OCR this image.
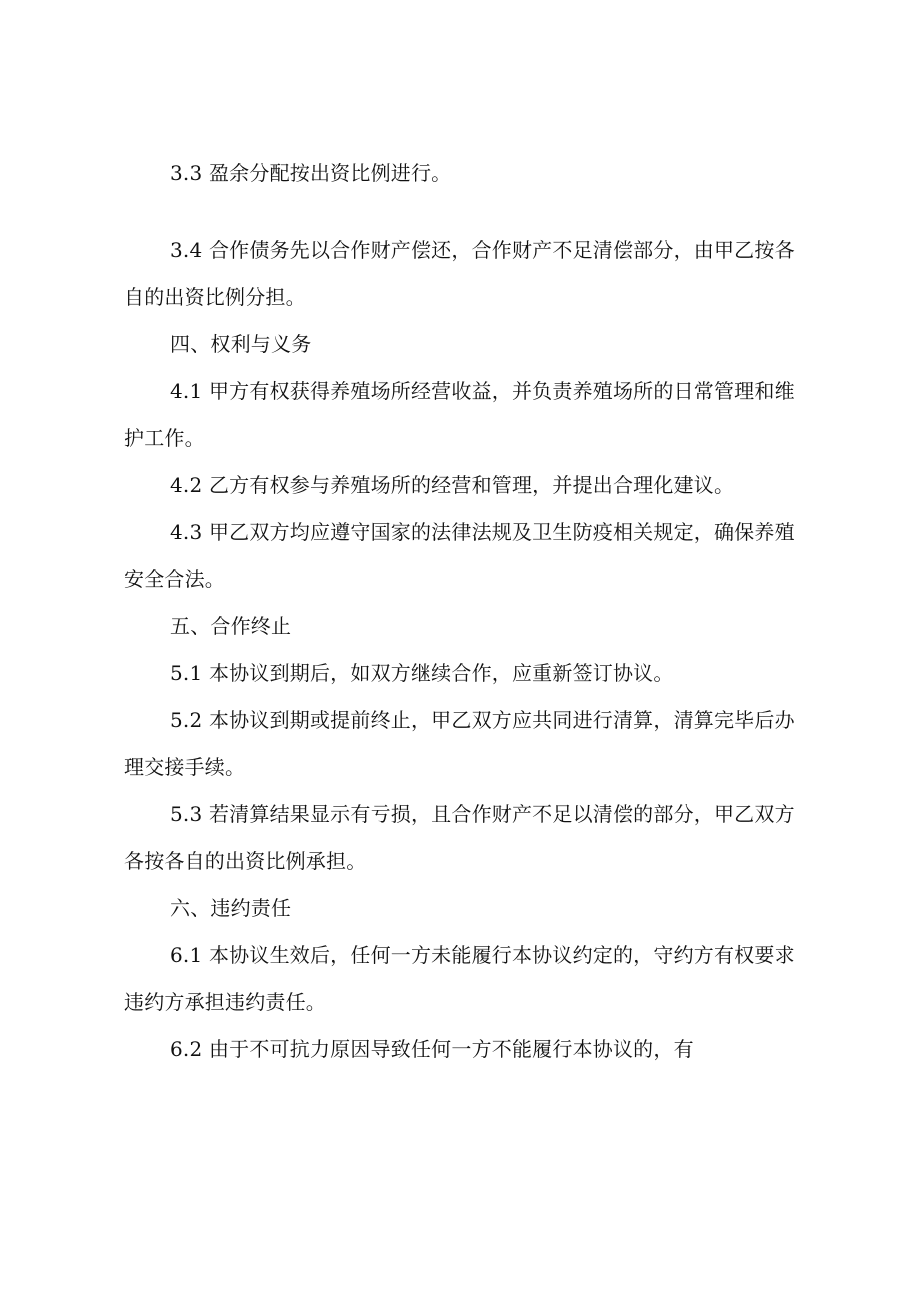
3.3 盈余分配按出资比例进行。

3.4 合作债务先以合作财产偿还，合作财产不足清偿部分，由甲乙按各自的出资比例分担。

四、权利与义务

4.1 甲方有权获得养殖场所经营收益，并负责养殖场所的日常管理和维护工作。

4.2 乙方有权参与养殖场所的经营和管理，并提出合理化建议。

4.3 甲乙双方均应遵守国家的法律法规及卫生防疫相关规定，确保养殖安全合法。

五、合作终止

5.1 本协议到期后，如双方继续合作，应重新签订协议。

5.2 本协议到期或提前终止，甲乙双方应共同进行清算，清算完毕后办理交接手续。

5.3 若清算结果显示有亏损，且合作财产不足以清偿的部分，甲乙双方各按各自的出资比例承担。

六、违约责任

6.1 本协议生效后，任何一方未能履行本协议约定的，守约方有权要求违约方承担违约责任。

6.2 由于不可抗力原因导致任何一方不能履行本协议的，有
